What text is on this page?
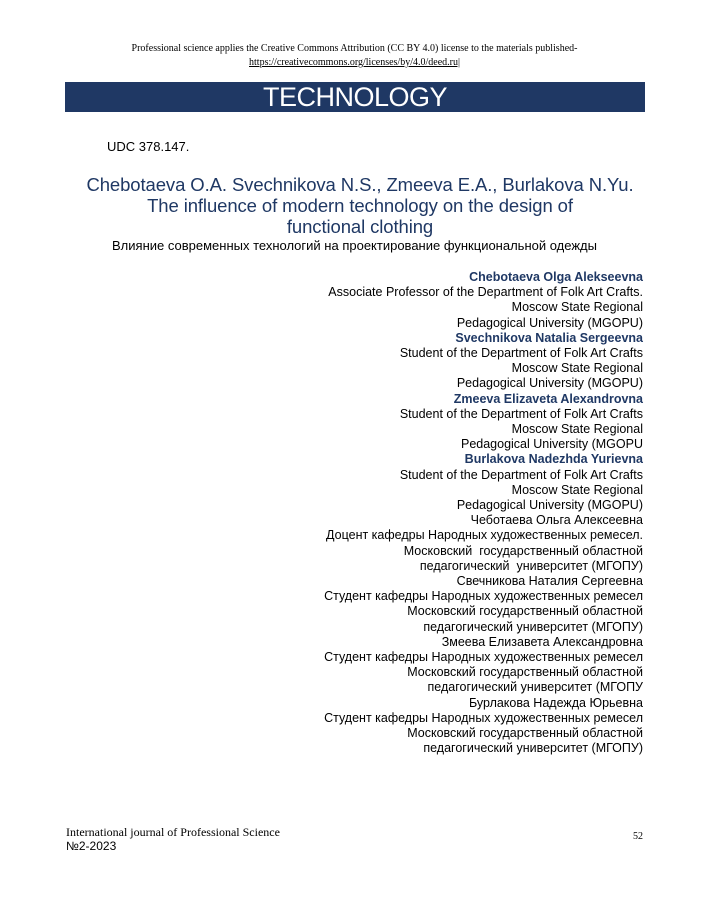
Professional science applies the Creative Commons Attribution (CC BY 4.0) license to the materials published-
https://creativecommons.org/licenses/by/4.0/deed.ru|
TECHNOLOGY
UDC 378.147.
Chebotaeva O.A. Svechnikova N.S., Zmeeva E.A., Burlakova N.Yu.
The influence of modern technology on the design of
functional clothing
Влияние современных технологий на проектирование функциональной одежды
Chebotaeva Olga Alekseevna
Associate Professor of the Department of Folk Art Crafts.
Moscow State Regional
Pedagogical University (MGOPU)
Svechnikova Natalia Sergeevna
Student of the Department of Folk Art Crafts
Moscow State Regional
Pedagogical University (MGOPU)
Zmeeva Elizaveta Alexandrovna
Student of the Department of Folk Art Crafts
Moscow State Regional
Pedagogical University (MGOPU
Burlakova Nadezhda Yurievna
Student of the Department of Folk Art Crafts
Moscow State Regional
Pedagogical University (MGOPU)
Чеботаева Ольга Алексеевна
Доцент кафедры Народных художественных ремесел.
Московский  государственный областной
педагогический  университет (МГОПУ)
Свечникова Наталия Сергеевна
Студент кафедры Народных художественных ремесел
Московский государственный областной
педагогический университет (МГОПУ)
Змеева Елизавета Александровна
Студент кафедры Народных художественных ремесел
Московский государственный областной
педагогический университет (МГОПУ
Бурлакова Надежда Юрьевна
Студент кафедры Народных художественных ремесел
Московский государственный областной
педагогический университет (МГОПУ)
International journal of Professional Science
№2-2023
52
